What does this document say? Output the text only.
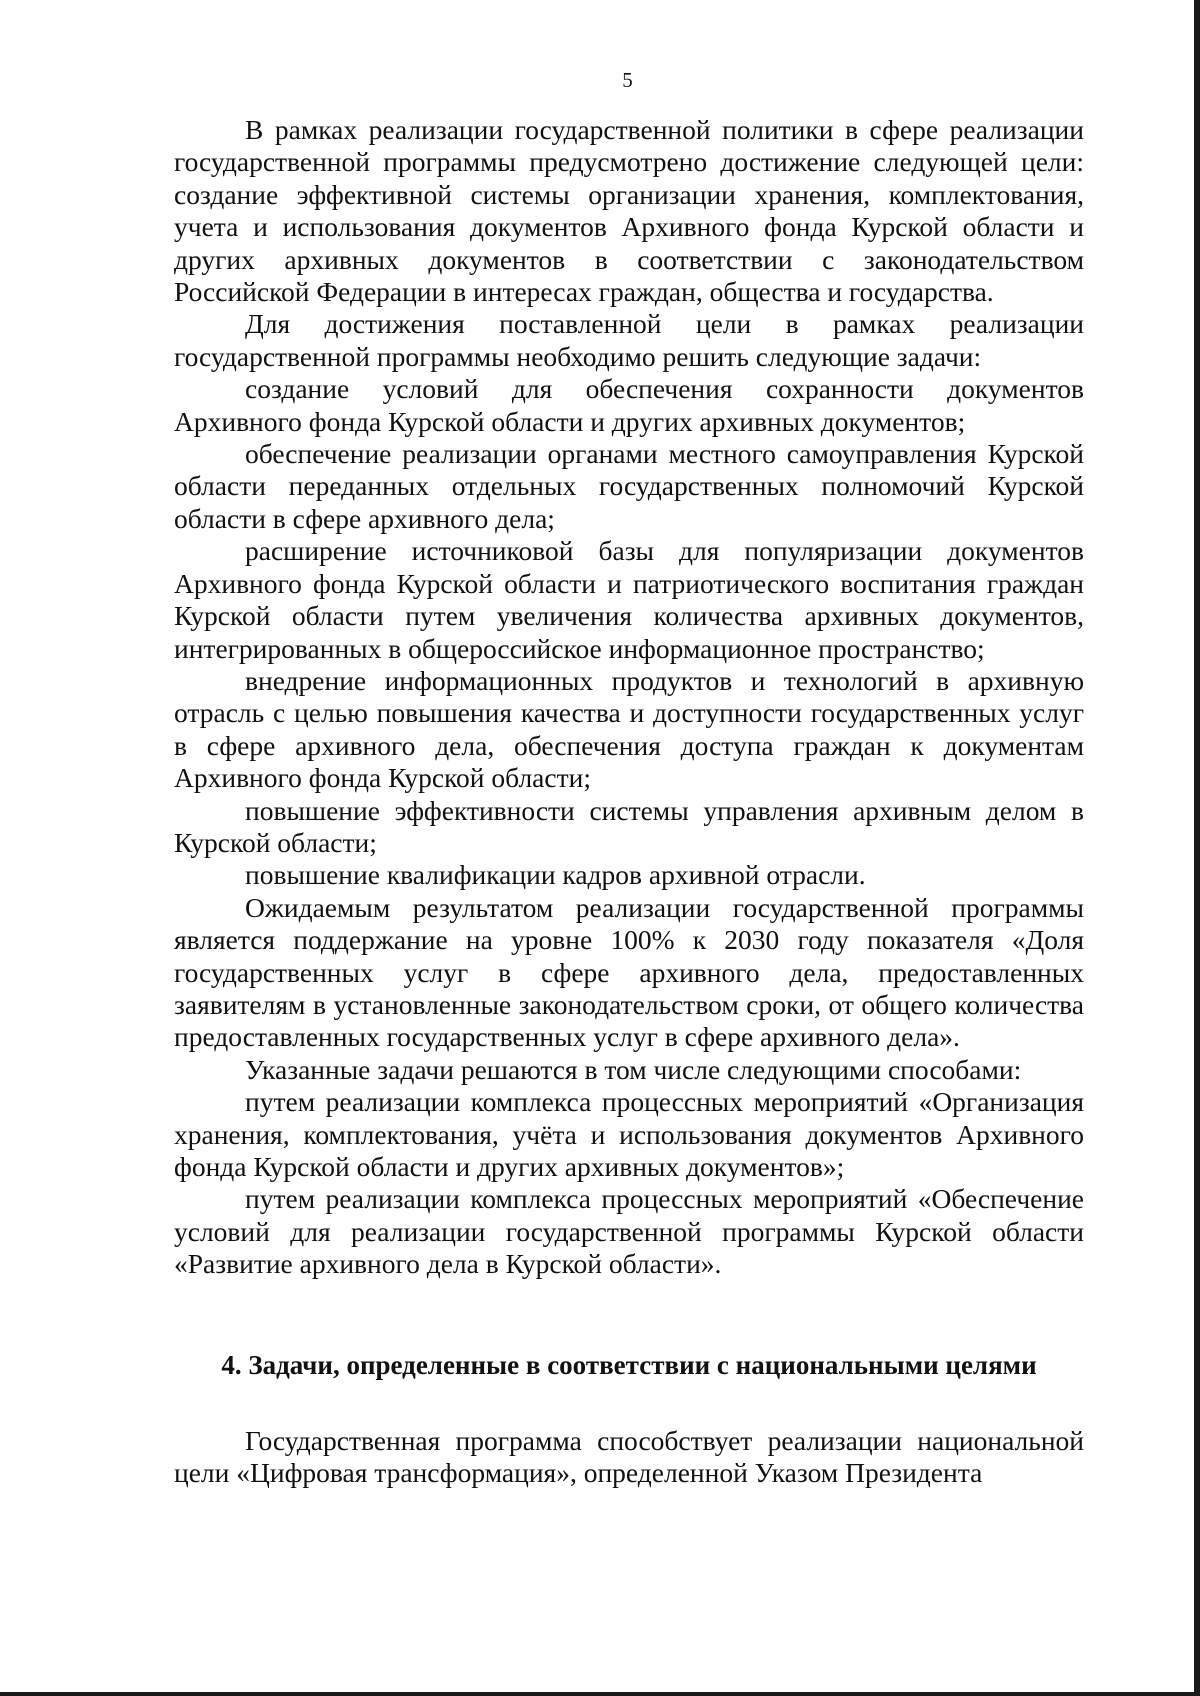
5

В рамках реализации государственной политики в сфере реализации государственной программы предусмотрено достижение следующей цели: создание эффективной системы организации хранения, комплектования, учета и использования документов Архивного фонда Курской области и других архивных документов в соответствии с законодательством Российской Федерации в интересах граждан, общества и государства.

Для достижения поставленной цели в рамках реализации государственной программы необходимо решить следующие задачи:

создание условий для обеспечения сохранности документов Архивного фонда Курской области и других архивных документов;

обеспечение реализации органами местного самоуправления Курской области переданных отдельных государственных полномочий Курской области в сфере архивного дела;

расширение источниковой базы для популяризации документов Архивного фонда Курской области и патриотического воспитания граждан Курской области путем увеличения количества архивных документов, интегрированных в общероссийское информационное пространство;

внедрение информационных продуктов и технологий в архивную отрасль с целью повышения качества и доступности государственных услуг в сфере архивного дела, обеспечения доступа граждан к документам Архивного фонда Курской области;

повышение эффективности системы управления архивным делом в Курской области;

повышение квалификации кадров архивной отрасли.

Ожидаемым результатом реализации государственной программы является поддержание на уровне 100% к 2030 году показателя «Доля государственных услуг в сфере архивного дела, предоставленных заявителям в установленные законодательством сроки, от общего количества предоставленных государственных услуг в сфере архивного дела».

Указанные задачи решаются в том числе следующими способами:

путем реализации комплекса процессных мероприятий «Организация хранения, комплектования, учёта и использования документов Архивного фонда Курской области и других архивных документов»;

путем реализации комплекса процессных мероприятий «Обеспечение условий для реализации государственной программы Курской области «Развитие архивного дела в Курской области».

4. Задачи, определенные в соответствии с национальными целями

Государственная программа способствует реализации национальной цели «Цифровая трансформация», определенной Указом Президента
